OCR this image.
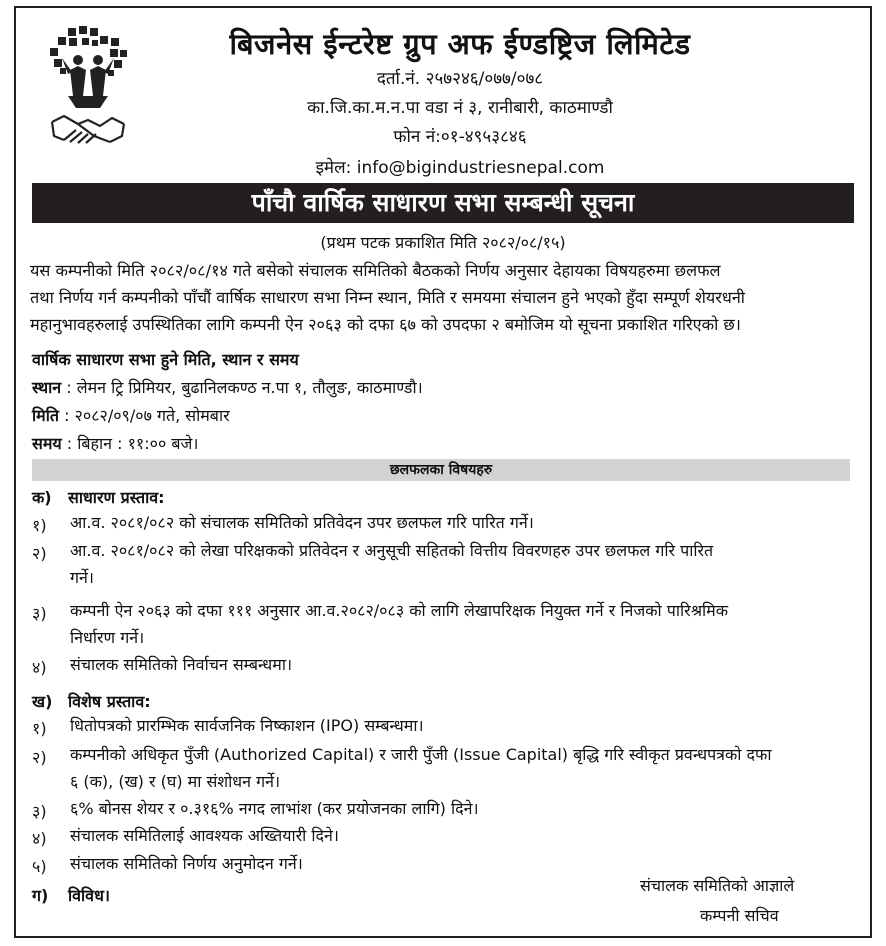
बिजनेस ईन्टरेष्ट ग्रुप अफ ईण्डष्ट्रिज लिमिटेड
दर्ता.नं. २५७२४६/०७७/०७८
का.जि.का.म.न.पा वडा नं ३, रानीबारी, काठमाण्डौ
फोन नं:०१-४९५३८४६
इमेल: info@bigindustriesnepal.com
पाँचौ वार्षिक साधारण सभा सम्बन्धी सूचना
(प्रथम पटक प्रकाशित मिति २०८२/०८/१५)
यस कम्पनीको मिति २०८२/०८/१४ गते बसेको संचालक समितिको बैठकको निर्णय अनुसार देहायका विषयहरुमा छलफल
तथा निर्णय गर्न कम्पनीको पाँचौं वार्षिक साधारण सभा निम्न स्थान, मिति र समयमा संचालन हुने भएको हुँदा सम्पूर्ण शेयरधनी
महानुभावहरुलाई उपस्थितिका लागि कम्पनी ऐन २०६३ को दफा ६७ को उपदफा २ बमोजिम यो सूचना प्रकाशित गरिएको छ।
वार्षिक साधारण सभा हुने मिति, स्थान र समय
स्थान : लेमन ट्रि प्रिमियर, बुढानिलकण्ठ न.पा १, तौलुङ, काठमाण्डौ।
मिति : २०८२/०९/०७ गते, सोमबार
समय : बिहान : ११:०० बजे।
छलफलका विषयहरु
क) साधारण प्रस्ताव:
१) आ.व. २०८१/०८२ को संचालक समितिको प्रतिवेदन उपर छलफल गरि पारित गर्ने।
२) आ.व. २०८१/०८२ को लेखा परिक्षकको प्रतिवेदन र अनुसूची सहितको वित्तीय विवरणहरु उपर छलफल गरि पारित
गर्ने।
३) कम्पनी ऐन २०६३ को दफा १११ अनुसार आ.व.२०८२/०८३ को लागि लेखापरिक्षक नियुक्त गर्ने र निजको पारिश्रमिक
निर्धारण गर्ने।
४) संचालक समितिको निर्वाचन सम्बन्धमा।
ख) विशेष प्रस्ताव:
१) धितोपत्रको प्रारम्भिक सार्वजनिक निष्काशन (IPO) सम्बन्धमा।
२) कम्पनीको अधिकृत पुँजी (Authorized Capital) र जारी पुँजी (Issue Capital) बृद्धि गरि स्वीकृत प्रवन्धपत्रको दफा
६ (क), (ख) र (घ) मा संशोधन गर्ने।
३) ६% बोनस शेयर र ०.३१६% नगद लाभांश (कर प्रयोजनका लागि) दिने।
४) संचालक समितिलाई आवश्यक अख्तियारी दिने।
५) संचालक समितिको निर्णय अनुमोदन गर्ने।
ग) विविध।
संचालक समितिको आज्ञाले
कम्पनी सचिव
